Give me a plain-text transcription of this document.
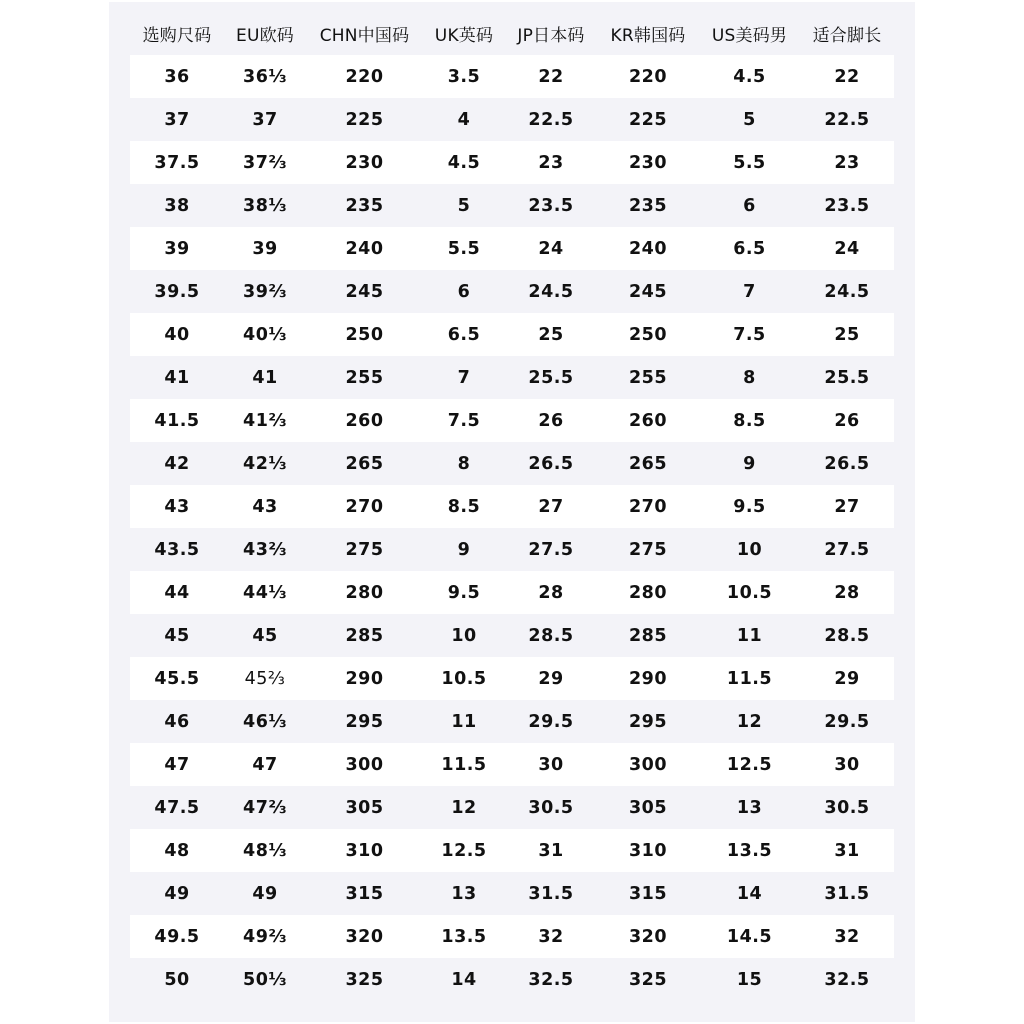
选购尺码	EU欧码	CHN中国码	UK英码	JP日本码	KR韩国码	US美码男	适合脚长
36	36⅓	220	3.5	22	220	4.5	22
37	37	225	4	22.5	225	5	22.5
37.5	37⅔	230	4.5	23	230	5.5	23
38	38⅓	235	5	23.5	235	6	23.5
39	39	240	5.5	24	240	6.5	24
39.5	39⅔	245	6	24.5	245	7	24.5
40	40⅓	250	6.5	25	250	7.5	25
41	41	255	7	25.5	255	8	25.5
41.5	41⅔	260	7.5	26	260	8.5	26
42	42⅓	265	8	26.5	265	9	26.5
43	43	270	8.5	27	270	9.5	27
43.5	43⅔	275	9	27.5	275	10	27.5
44	44⅓	280	9.5	28	280	10.5	28
45	45	285	10	28.5	285	11	28.5
45.5	45⅔	290	10.5	29	290	11.5	29
46	46⅓	295	11	29.5	295	12	29.5
47	47	300	11.5	30	300	12.5	30
47.5	47⅔	305	12	30.5	305	13	30.5
48	48⅓	310	12.5	31	310	13.5	31
49	49	315	13	31.5	315	14	31.5
49.5	49⅔	320	13.5	32	320	14.5	32
50	50⅓	325	14	32.5	325	15	32.5
